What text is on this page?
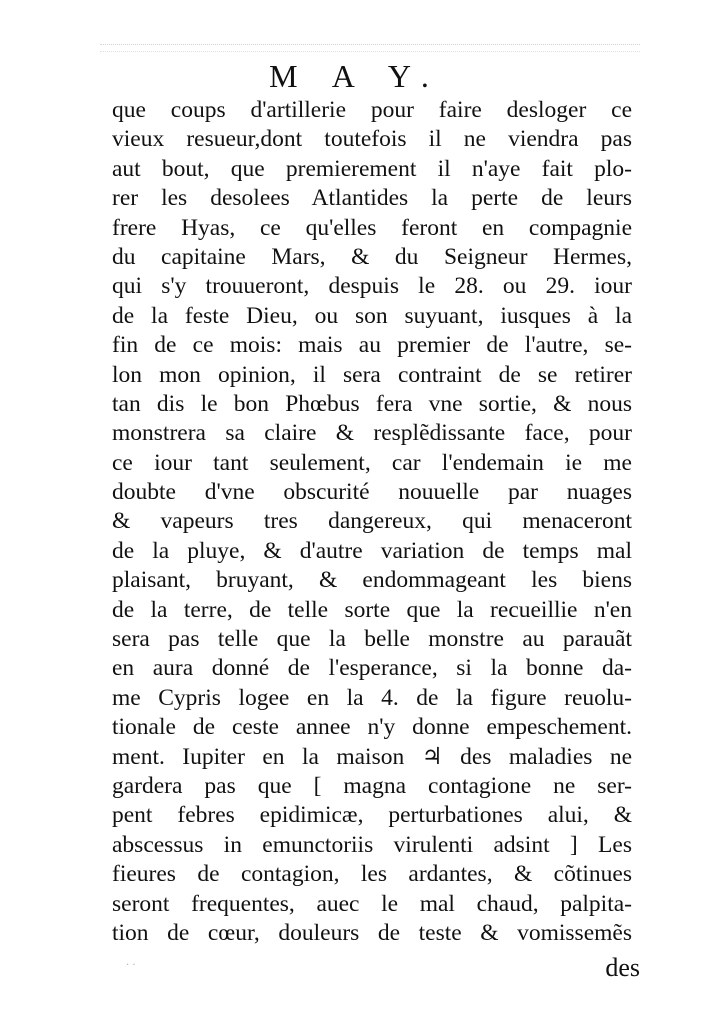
M A Y.
que coups d'artillerie pour faire desloger ce
vieux resueur,dont toutefois il ne viendra pas
aut bout, que premierement il n'aye fait plo-
rer les desolees Atlantides la perte de leurs
frere Hyas, ce qu'elles feront en compagnie
du capitaine Mars, & du Seigneur Hermes,
qui s'y trouueront, despuis le 28. ou 29. iour
de la feste Dieu, ou son suyuant, iusques à la
fin de ce mois: mais au premier de l'autre, se-
lon mon opinion, il sera contraint de se retirer
tan dis le bon Phœbus fera vne sortie, & nous
monstrera sa claire & resplẽdissante face, pour
ce iour tant seulement, car l'endemain ie me
doubte d'vne obscurité nouuelle par nuages
& vapeurs tres dangereux, qui menaceront
de la pluye, & d'autre variation de temps mal
plaisant, bruyant, & endommageant les biens
de la terre, de telle sorte que la recueillie n'en
sera pas telle que la belle monstre au parauãt
en aura donné de l'esperance, si la bonne da-
me Cypris logee en la 4. de la figure reuolu-
tionale de ceste annee n'y donne empeschement.
ment. Iupiter en la maison ♃ des maladies ne
gardera pas que [ magna contagione ne ser-
pent febres epidimicæ, perturbationes alui, &
abscessus in emunctoriis virulenti adsint ] Les
fieures de contagion, les ardantes, & cõtinues
seront frequentes, auec le mal chaud, palpita-
tion de cœur, douleurs de teste & vomissemẽs
· ·	des
